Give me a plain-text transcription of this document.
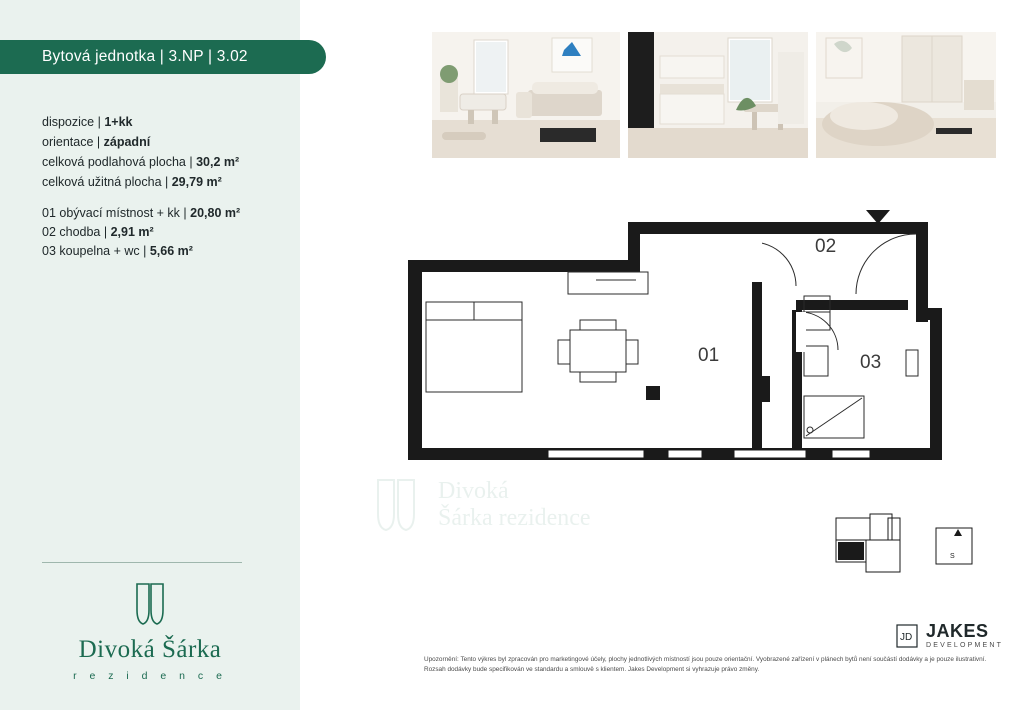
Bytová jednotka | 3.NP | 3.02
dispozice | 1+kk
orientace | západní
celková podlahová plocha | 30,2 m²
celková užitná plocha | 29,79 m²
01 obývací místnost + kk | 20,80 m²
02 chodba | 2,91 m²
03 koupelna + wc | 5,66 m²
Divoká Šárka
r e z i d e n c e
01
02
03
Divoká
Šárka rezidence
S
JD JAKES
DEVELOPMENT
Upozornění: Tento výkres byl zpracován pro marketingové účely, plochy jednotlivých místností jsou pouze orientační. Vyobrazené zařízení v plánech bytů není součástí dodávky a je pouze ilustrativní. Rozsah dodávky bude specifikován ve standardu a smlouvě s klientem. Jakes Development si vyhrazuje právo změny.
